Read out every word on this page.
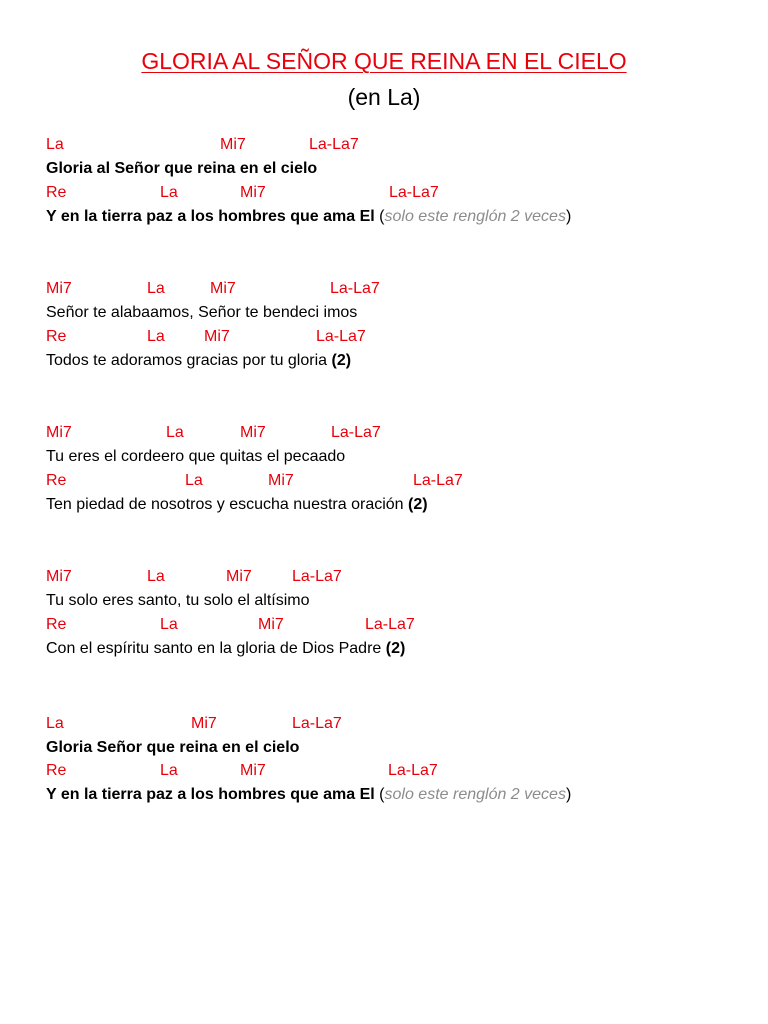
GLORIA AL SEÑOR QUE REINA EN EL CIELO
(en La)
La	Mi7	La-La7
Gloria al Señor que reina en el cielo
Re	La	Mi7	La-La7
Y en la tierra paz a los hombres que ama El (solo este renglón 2 veces)
Mi7	La	Mi7	La-La7
Señor te alabaamos, Señor te bendeci imos
Re	La Mi7	La-La7
Todos te adoramos gracias por tu gloria (2)
Mi7	La	Mi7	La-La7
Tu eres el cordeero que quitas el pecaado
Re	La	Mi7	La-La7
Ten piedad de nosotros y escucha nuestra oración (2)
Mi7	La	Mi7	La-La7
Tu solo eres santo, tu solo el altísimo
Re	La	Mi7	La-La7
Con el espíritu santo en la gloria de Dios Padre (2)
La	Mi7	La-La7
Gloria Señor que reina en el cielo
Re	La	Mi7	La-La7
Y en la tierra paz a los hombres que ama El (solo este renglón 2 veces)
